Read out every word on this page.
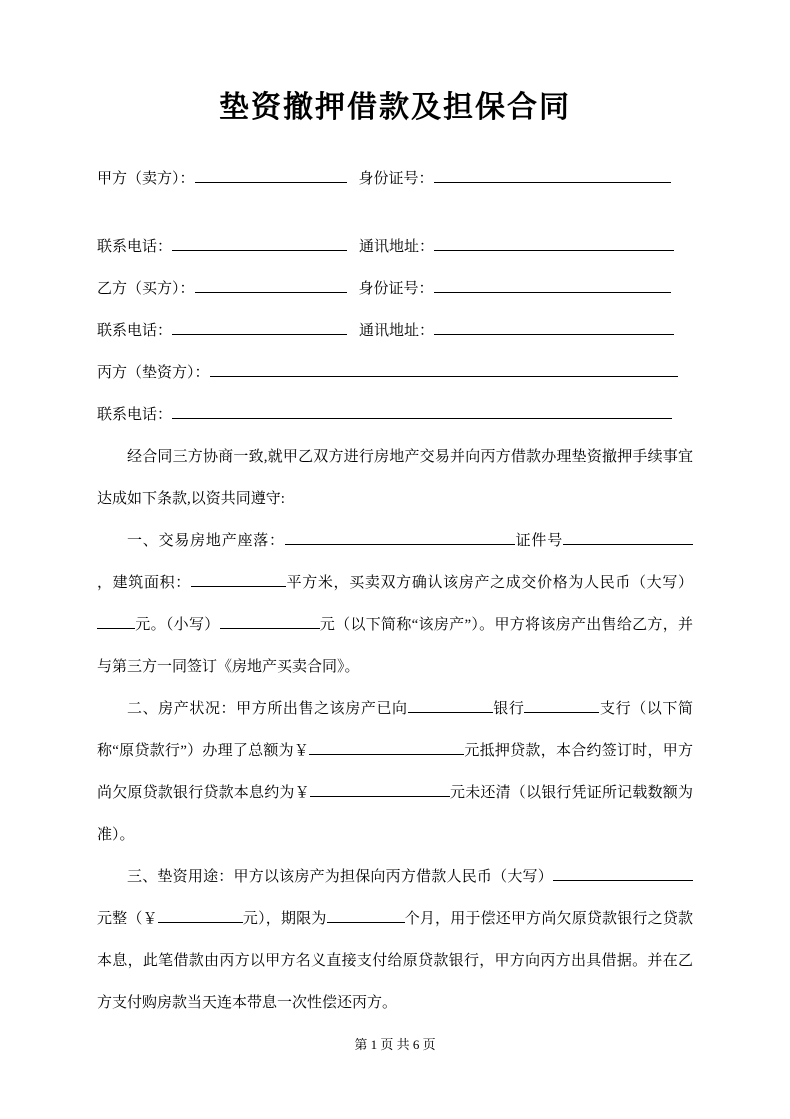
垫资撤押借款及担保合同
甲方（卖方）：	身份证号：
联系电话：	通讯地址：
乙方（买方）：	身份证号：
联系电话：	通讯地址：
丙方（垫资方）：
联系电话：

经合同三方协商一致,就甲乙双方进行房地产交易并向丙方借款办理垫资撤押手续事宜达成如下条款,以资共同遵守:

一、交易房地产座落：	证件号，建筑面积：	平方米，买卖双方确认该房产之成交价格为人民币（大写）元。（小写）	元（以下简称“该房产”）。甲方将该房产出售给乙方，并与第三方一同签订《房地产买卖合同》。

二、房产状况：甲方所出售之该房产已向	银行	支行（以下简称“原贷款行”）办理了总额为￥	元抵押贷款，本合约签订时，甲方尚欠原贷款银行贷款本息约为￥	元未还清（以银行凭证所记载数额为准）。

三、垫资用途：甲方以该房产为担保向丙方借款人民币（大写）元整（￥	元），期限为	个月，用于偿还甲方尚欠原贷款银行之贷款本息，此笔借款由丙方以甲方名义直接支付给原贷款银行，甲方向丙方出具借据。并在乙方支付购房款当天连本带息一次性偿还丙方。

第 1 页 共 6 页
